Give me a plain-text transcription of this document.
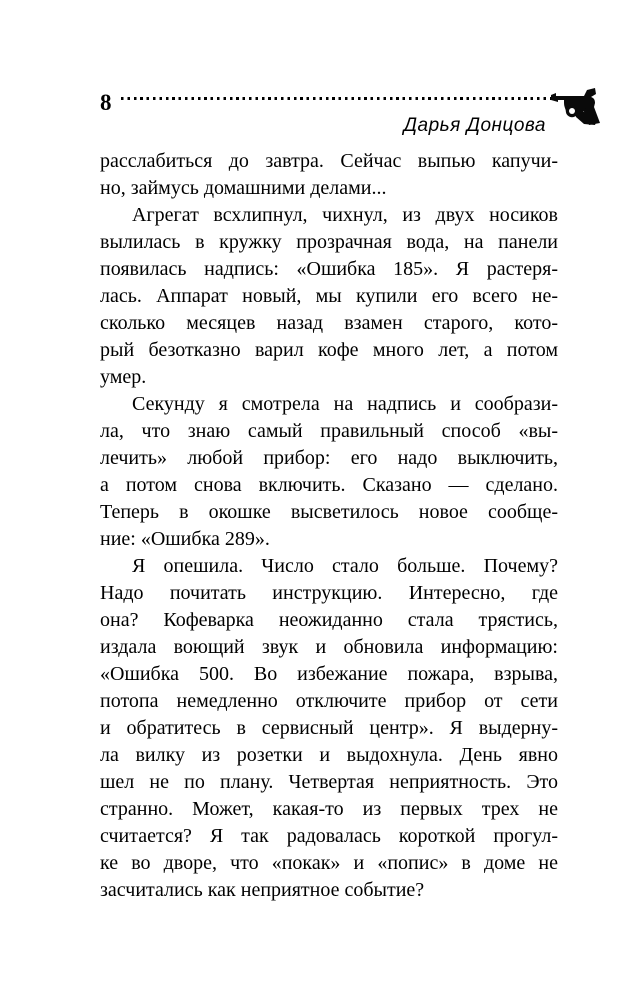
8
Дарья Донцова
расслабиться до завтра. Сейчас выпью капучи-
но, займусь домашними делами...
Агрегат всхлипнул, чихнул, из двух носиков
вылилась в кружку прозрачная вода, на панели
появилась надпись: «Ошибка 185». Я растеря-
лась. Аппарат новый, мы купили его всего не-
сколько месяцев назад взамен старого, кото-
рый безотказно варил кофе много лет, а потом
умер.
Секунду я смотрела на надпись и сообрази-
ла, что знаю самый правильный способ «вы-
лечить» любой прибор: его надо выключить,
а потом снова включить. Сказано — сделано.
Теперь в окошке высветилось новое сообще-
ние: «Ошибка 289».
Я опешила. Число стало больше. Почему?
Надо почитать инструкцию. Интересно, где
она? Кофеварка неожиданно стала трястись,
издала воющий звук и обновила информацию:
«Ошибка 500. Во избежание пожара, взрыва,
потопа немедленно отключите прибор от сети
и обратитесь в сервисный центр». Я выдерну-
ла вилку из розетки и выдохнула. День явно
шел не по плану. Четвертая неприятность. Это
странно. Может, какая-то из первых трех не
считается? Я так радовалась короткой прогул-
ке во дворе, что «покак» и «попис» в доме не
засчитались как неприятное событие?
